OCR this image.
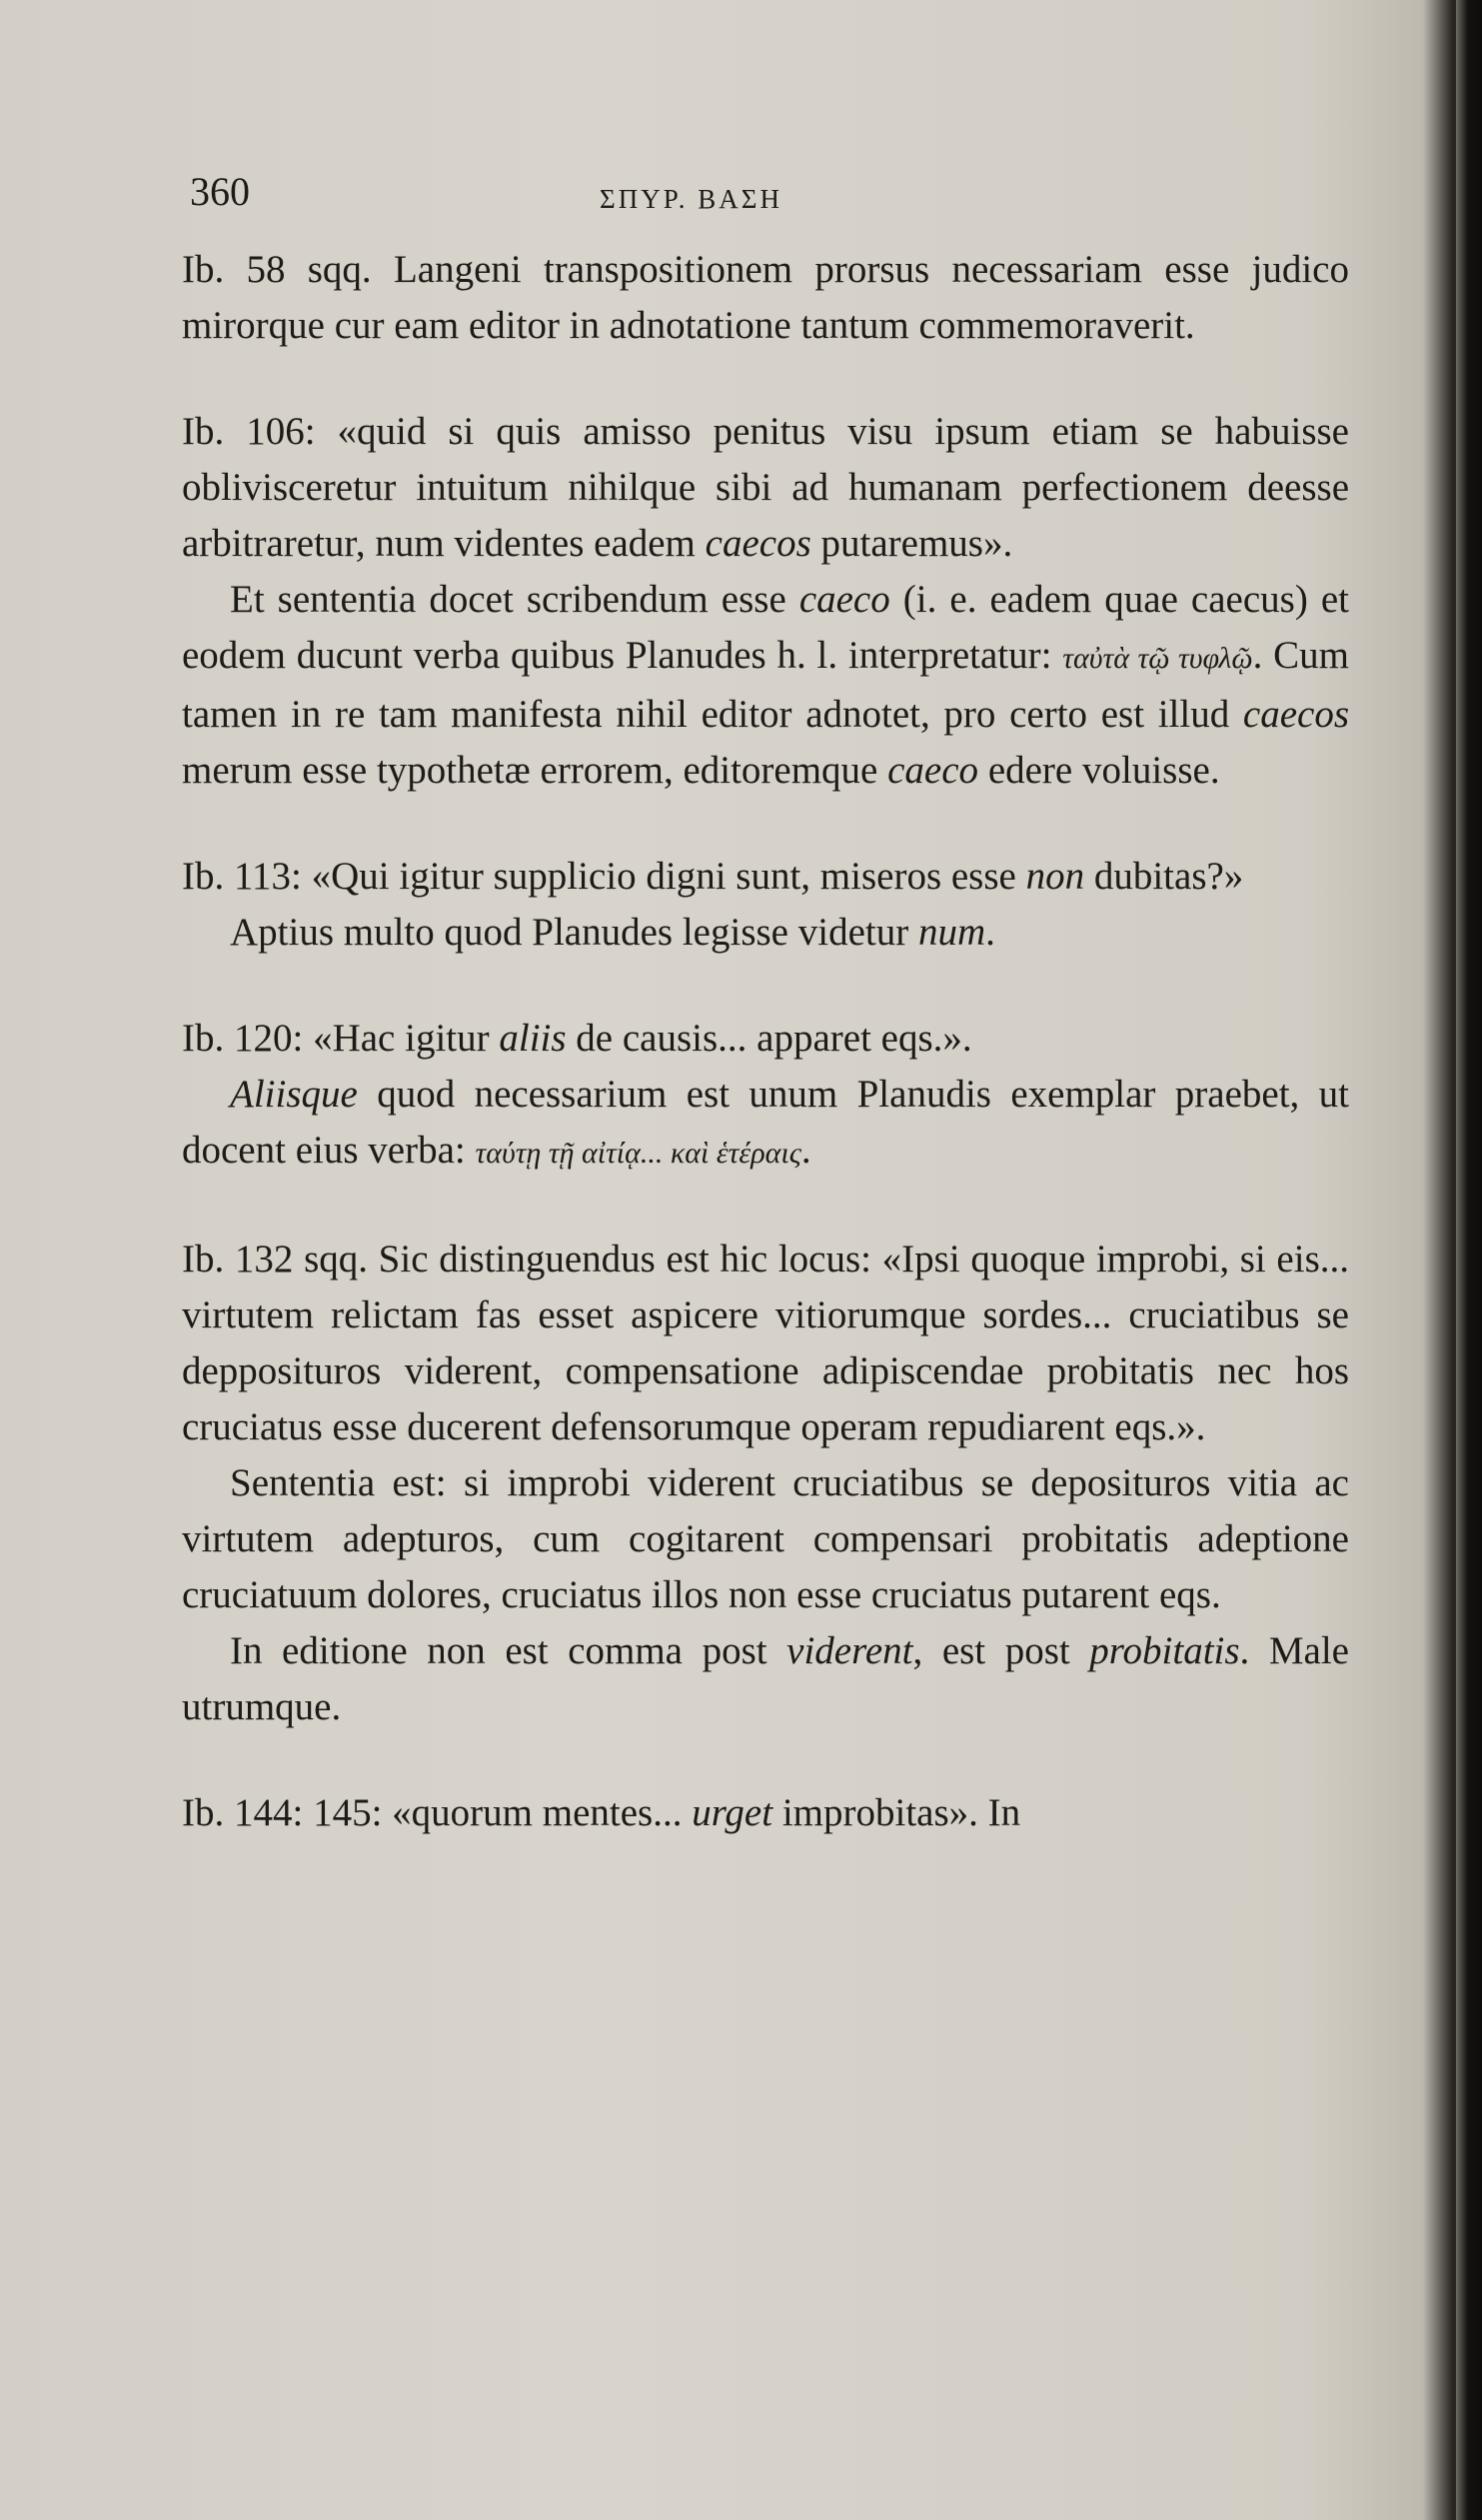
360	ΣΠΥΡ. ΒΑΣΗ

Ib. 58 sqq. Langeni transpositionem prorsus necessariam esse judico mirorque cur eam editor in adnotatione tantum commemoraverit.

Ib. 106: «quid si quis amisso penitus visu ipsum etiam se habuisse oblivisceretur intuitum nihilque sibi ad humanam perfectionem deesse arbitraretur, num videntes eadem caecos putaremus».

Et sententia docet scribendum esse caeco (i. e. eadem quae caecus) et eodem ducunt verba quibus Planudes h. l. interpretatur: ταὐτὰ τῷ τυφλῷ. Cum tamen in re tam manifesta nihil editor adnotet, pro certo est illud caecos merum esse typothetæ errorem, editoremque caeco edere voluisse.

Ib. 113: «Qui igitur supplicio digni sunt, miseros esse non dubitas?»

Aptius multo quod Planudes legisse videtur num.

Ib. 120: «Hac igitur aliis de causis... apparet eqs.».

Aliisque quod necessarium est unum Planudis exemplar praebet, ut docent eius verba: ταύτῃ τῇ αἰτίᾳ... καὶ ἑτέραις.

Ib. 132 sqq. Sic distinguendus est hic locus: «Ipsi quoque improbi, si eis... virtutem relictam fas esset aspicere vitiorumque sordes... cruciatibus se depposituros viderent, compensatione adipiscendae probitatis nec hos cruciatus esse ducerent defensorumque operam repudiarent eqs.».

Sententia est: si improbi viderent cruciatibus se deposituros vitia ac virtutem adepturos, cum cogitarent compensari probitatis adeptione cruciatuum dolores, cruciatus illos non esse cruciatus putarent eqs.

In editione non est comma post viderent, est post probitatis. Male utrumque.

Ib. 144: 145: «quorum mentes... urget improbitas». In
